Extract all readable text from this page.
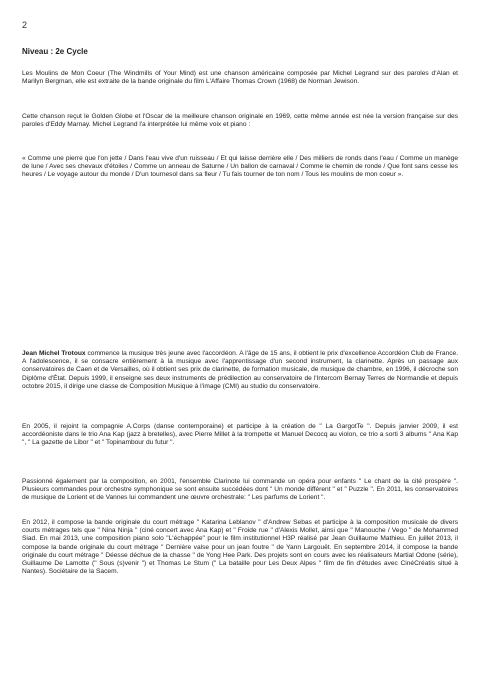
2
Niveau : 2e Cycle
Les Moulins de Mon Coeur (The Windmills of Your Mind) est une chanson américaine composée par Michel Legrand sur des paroles d'Alan et Marilyn Bergman, elle est extraite de la bande originale du film L'Affaire Thomas Crown (1968) de Norman Jewison.
Cette chanson reçut le Golden Globe et l'Oscar de la meilleure chanson originale en 1969, cette même année est née la version française sur des paroles d'Eddy Marnay. Michel Legrand l'a interprétée lui même voix et piano :
« Comme une pierre que l'on jette / Dans l'eau vive d'un ruisseau / Et qui laisse derrière elle / Des milliers de ronds dans l'eau / Comme un manège de lune / Avec ses chevaux d'étoiles / Comme un anneau de Saturne / Un ballon de carnaval / Comme le chemin de ronde / Que font sans cesse les heures / Le voyage autour du monde / D'un tournesol dans sa fleur / Tu fais tourner de ton nom / Tous les moulins de mon coeur ».
Jean Michel Trotoux commence la musique très jeune avec l'accordéon. A l'âge de 15 ans, il obtient le prix d'excellence Accordéon Club de France. A l'adolescence, il se consacre entièrement à la musique avec l'apprentissage d'un second instrument, la clarinette. Après un passage aux conservatoires de Caen et de Versailles, où il obtient ses prix de clarinette, de formation musicale, de musique de chambre, en 1996, il décroche son Diplôme d'État. Depuis 1999, il enseigne ses deux instruments de prédilection au conservatoire de l'Intercom Bernay Terres de Normandie et depuis octobre 2015, il dirige une classe de Composition Musique à l'image (CMI) au studio du conservatoire.
En 2005, il rejoint la compagnie A.Corps (danse contemporaine) et participe à la création de " La GargotTe ". Depuis janvier 2009, il est accordéoniste dans le trio Ana Kap (jazz à bretelles), avec Pierre Millet à la trompette et Manuel Decocq au violon, ce trio a sorti 3 albums " Ana Kap ", " La gazette de Libor " et " Topinambour du futur ".
Passionné également par la composition, en 2001, l'ensemble Clarinote lui commande un opéra pour enfants " Le chant de la cité prospère ". Plusieurs commandes pour orchestre symphonique se sont ensuite succédées dont " Un monde différent " et " Puzzle ". En 2011, les conservatoires de musique de Lorient et de Vannes lui commandent une œuvre orchestrale: " Les parfums de Lorient ".
En 2012, il compose la bande originale du court métrage " Katarina Leblanov " d'Andrew Sebas et participe à la composition musicale de divers courts métrages tels que " Nina Ninja " (ciné concert avec Ana Kap) et " Froide rue " d'Alexis Mollet, ainsi que " Manouche / Vego " de Mohammed Siad. En mai 2013, une composition piano solo "L'échappée" pour le film institutionnel H3P réalisé par Jean Guillaume Mathieu. En juillet 2013, il compose la bande originale du court métrage " Dernière valse pour un jean foutre " de Yann Largouët. En septembre 2014, il compose la bande originale du court métrage " Déesse déchue de la chasse " de Yong Hee Park. Des projets sont en cours avec les réalisateurs Martial Odone (série), Guillaume De Lamotte (" Sous (s)venir ") et Thomas Le Stum (" La bataille pour Les Deux Alpes " film de fin d'études avec CinéCréatis situé à Nantes). Sociétaire de la Sacem.
